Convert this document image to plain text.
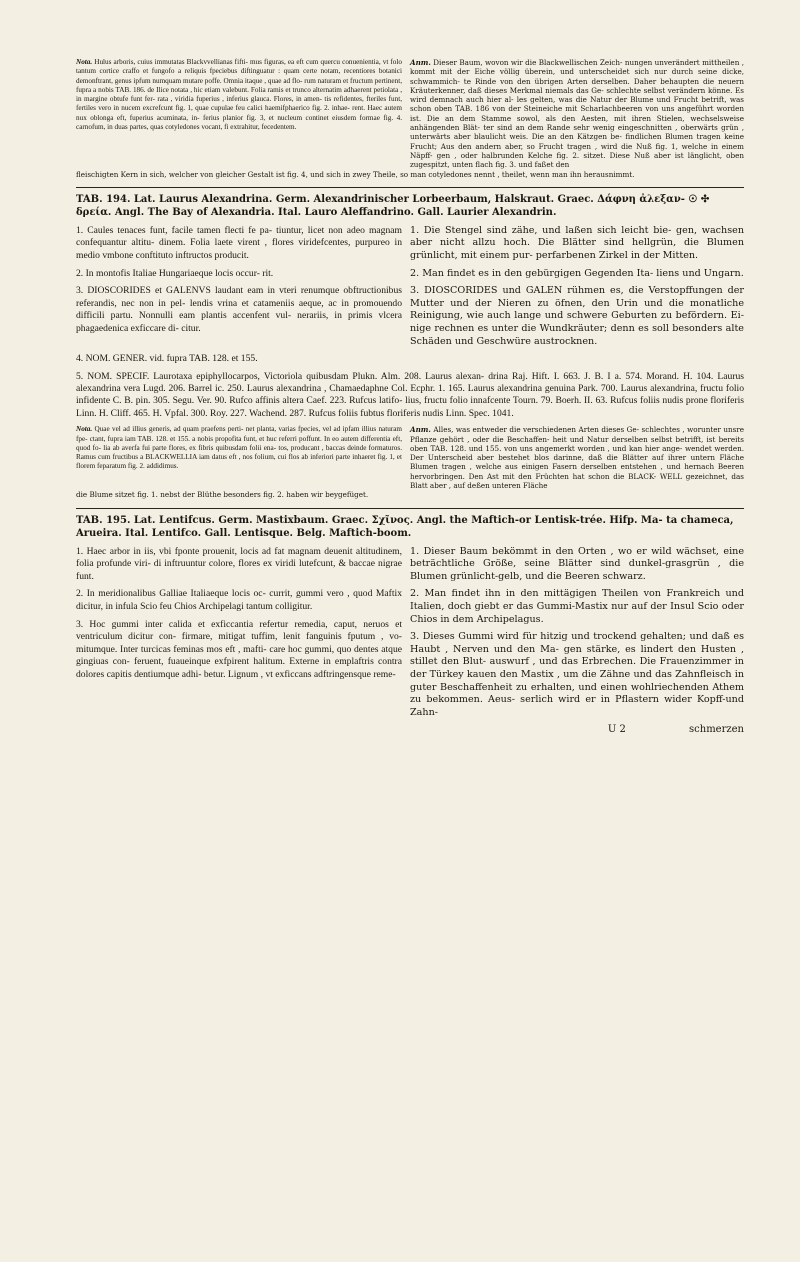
Nota. Hulus arboris, cuius immutatas Blackvvellianas fifti- mus figuras, ea eft cum quercu conuenientia, vt folo tantum cortice craffo et fungofo a reliquis fpeciebus diftinguatur : quam certe notam, recentiores botanici demonftrant, genus ipfum numquam mutare poffe. Omnia itaque , quae ad flo- rum naturam et fructum pertinent, fupra a nobis TAB. 186. de Ilice notata , hic etiam valebunt. Folia ramis et trunco alternatim adhaerent petiolata , in margine obtufe funt fer- rata , viridia fuperius , inferius glauca. Flores, in amen- tis refidentes, fteriles funt, fertiles vero in nucem excrefcunt fig. 1, quae cupulae feu calici haemifphaerico fig. 2. inhae- rent. Haec autem nux oblonga eft, fuperius acuminata, in- ferius planior fig. 3, et nucleum continet eiusdem formae fig. 4. carnofum, in duas partes, quas cotyledones vocant, fi extrahitur, fecedentem.
Anm. Dieser Baum, wovon wir die Blackwellischen Zeich- nungen unverändert mittheilen , kommt mit der Eiche völlig überein, und unterscheidet sich nur durch seine dicke, schwammich- te Rinde von den übrigen Arten derselben. Daher behaupten die neuern Kräuterkenner, daß dieses Merkmal niemals das Ge- schlechte selbst verändern könne. Es wird demnach auch hier al- les gelten, was die Natur der Blume und Frucht betrift, was schon oben TAB. 186 von der Steineiche mit Scharlachbeeren von uns angeführt worden ist. Die an dem Stamme sowol, als den Aesten, mit ihren Stielen, wechselsweise anhängenden Blät- ter sind an dem Rande sehr wenig eingeschnitten , oberwärts grün , unterwärts aber blaulicht weis. Die an den Kätzgen be- findlichen Blumen tragen keine Frucht; Aus den andern aber, so Frucht tragen , wird die Nuß fig. 1, welche in einem Näpff- gen , oder halbrunden Kelche fig. 2. sitzet. Diese Nuß aber ist länglicht, oben zugespitzt, unten flach fig. 3. und faßet den
fleischigten Kern in sich, welcher von gleicher Gestalt ist fig. 4, und sich in zwey Theile, so man cotyledones nennt , theilet, wenn man ihn herausnimmt.
TAB. 194. Lat. Laurus Alexandrina. Germ. Alexandrinischer Lorbeerbaum, Halskraut. Graec. Δάφνη ἀλεξαν- ☉ ✣ δρεία. Angl. The Bay of Alexandria. Ital. Lauro Aleffandrino. Gall. Laurier Alexandrin.

1. Caules tenaces funt, facile tamen flecti fe pa- tiuntur, licet non adeo magnam confequantur altitu- dinem. Folia laete virent , flores viridefcentes, purpureo in medio vmbone conftituto inftructos producit.

2. In montofis Italiae Hungariaeque locis occur- rit.

3. DIOSCORIDES et GALENVS laudant eam in vteri renumque obftructionibus referandis, nec non in pel- lendis vrina et catameniis aeque, ac in promouendo difficili partu. Nonnulli eam plantis accenfent vul- nerariis, in primis vlcera phagaedenica exficcare di- citur.

1. Die Stengel sind zähe, und laßen sich leicht bie- gen, wachsen aber nicht allzu hoch. Die Blätter sind hellgrün, die Blumen grünlicht, mit einem pur- perfarbenen Zirkel in der Mitten.

2. Man findet es in den gebürgigen Gegenden Ita- liens und Ungarn.

3. DIOSCORIDES und GALEN rühmen es, die Verstopffungen der Mutter und der Nieren zu öfnen, den Urin und die monatliche Reinigung, wie auch lange und schwere Geburten zu befördern. Ei- nige rechnen es unter die Wundkräuter; denn es soll besonders alte Schäden und Geschwüre austrocknen.

4. NOM. GENER. vid. fupra TAB. 128. et 155.

5. NOM. SPECIF. Laurotaxa epiphyllocarpos, Victoriola quibusdam Plukn. Alm. 208. Laurus alexan- drina Raj. Hift. I. 663. J. B. I a. 574. Morand. H. 104. Laurus alexandrina vera Lugd. 206. Barrel ic. 250. Laurus alexandrina , Chamaedaphne Col. Ecphr. 1. 165. Laurus alexandrina genuina Park. 700. Laurus alexandrina, fructu folio infidente C. B. pin. 305. Segu. Ver. 90. Rufco affinis altera Caef. 223. Rufcus latifo- lius, fructu folio innafcente Tourn. 79. Boerh. II. 63. Rufcus foliis nudis prone floriferis Linn. H. Cliff. 465. H. Vpfal. 300. Roy. 227. Wachend. 287. Rufcus foliis fubtus floriferis nudis Linn. Spec. 1041.

Nota. Quae vel ad illius generis, ad quam praefens perti- net planta, varias fpecies, vel ad ipfam illius naturam fpe- ctant, fupra iam TAB. 128. et 155. a nobis propofita funt, et huc referri poffunt. In eo autem differentia eft, quod fo- lia ab averfa fui parte flores, ex fibris quibusdam folii ena- tos, producant , baccas deinde formaturos. Ramus cum fructibus a BLACKWELLIA iam datus eft , nos folium, cui flos ab inferiori parte inhaeret fig. 1, et florem feparatum fig. 2. addidimus.
Anm. Alles, was entweder die verschiedenen Arten dieses Ge- schlechtes , worunter unsre Pflanze gehört , oder die Beschaffen- heit und Natur derselben selbst betrifft, ist bereits oben TAB. 128. und 155. von uns angemerkt worden , und kan hier ange- wendet werden. Der Unterscheid aber bestehet blos darinne, daß die Blätter auf ihrer untern Fläche Blumen tragen , welche aus einigen Fasern derselben entstehen , und hernach Beeren hervorbringen. Den Ast mit den Früchten hat schon die BLACK- WELL gezeichnet, das Blatt aber , auf deßen unteren Fläche
die Blume sitzet fig. 1. nebst der Blüthe besonders fig. 2. haben wir beygefüget.
TAB. 195. Lat. Lentifcus. Germ. Mastixbaum. Graec. Σχῖνος. Angl. the Maftich-or Lentisk-trée. Hifp. Ma- ta chameca, Arueira. Ital. Lentifco. Gall. Lentisque. Belg. Maftich-boom.

1. Haec arbor in iis, vbi fponte prouenit, locis ad fat magnam deuenit altitudinem, folia profunde viri- di inftruuntur colore, flores ex viridi lutefcunt, & baccae nigrae funt.

2. In meridionalibus Galliae Italiaeque locis oc- currit, gummi vero , quod Maftix dicitur, in infula Scio feu Chios Archipelagi tantum colligitur.

3. Hoc gummi inter calida et exficcantia refertur remedia, caput, neruos et ventriculum dicitur con- firmare, mitigat tuffim, lenit fanguinis fputum , vo- mitumque. Inter turcicas feminas mos eft , mafti- care hoc gummi, quo dentes atque gingiuas con- feruent, fuaueinque exfpirent halitum. Externe in emplaftris contra dolores capitis dentiumque adhi- betur. Lignum , vt exficcans adftringensque reme-

1. Dieser Baum bekömmt in den Orten , wo er wild wächset, eine beträchtliche Größe, seine Blätter sind dunkel-grasgrün , die Blumen grünlicht-gelb, und die Beeren schwarz.

2. Man findet ihn in den mittägigen Theilen von Frankreich und Italien, doch giebt er das Gummi-Mastix nur auf der Insul Scio oder Chios in dem Archipelagus.

3. Dieses Gummi wird für hitzig und trockend gehalten; und daß es Haubt , Nerven und den Ma- gen stärke, es lindert den Husten , stillet den Blut- auswurf , und das Erbrechen. Die Frauenzimmer in der Türkey kauen den Mastix , um die Zähne und das Zahnfleisch in guter Beschaffenheit zu erhalten, und einen wohlriechenden Athem zu bekommen. Aeus- serlich wird er in Pflastern wider Kopff-und Zahn-

U 2	schmerzen
